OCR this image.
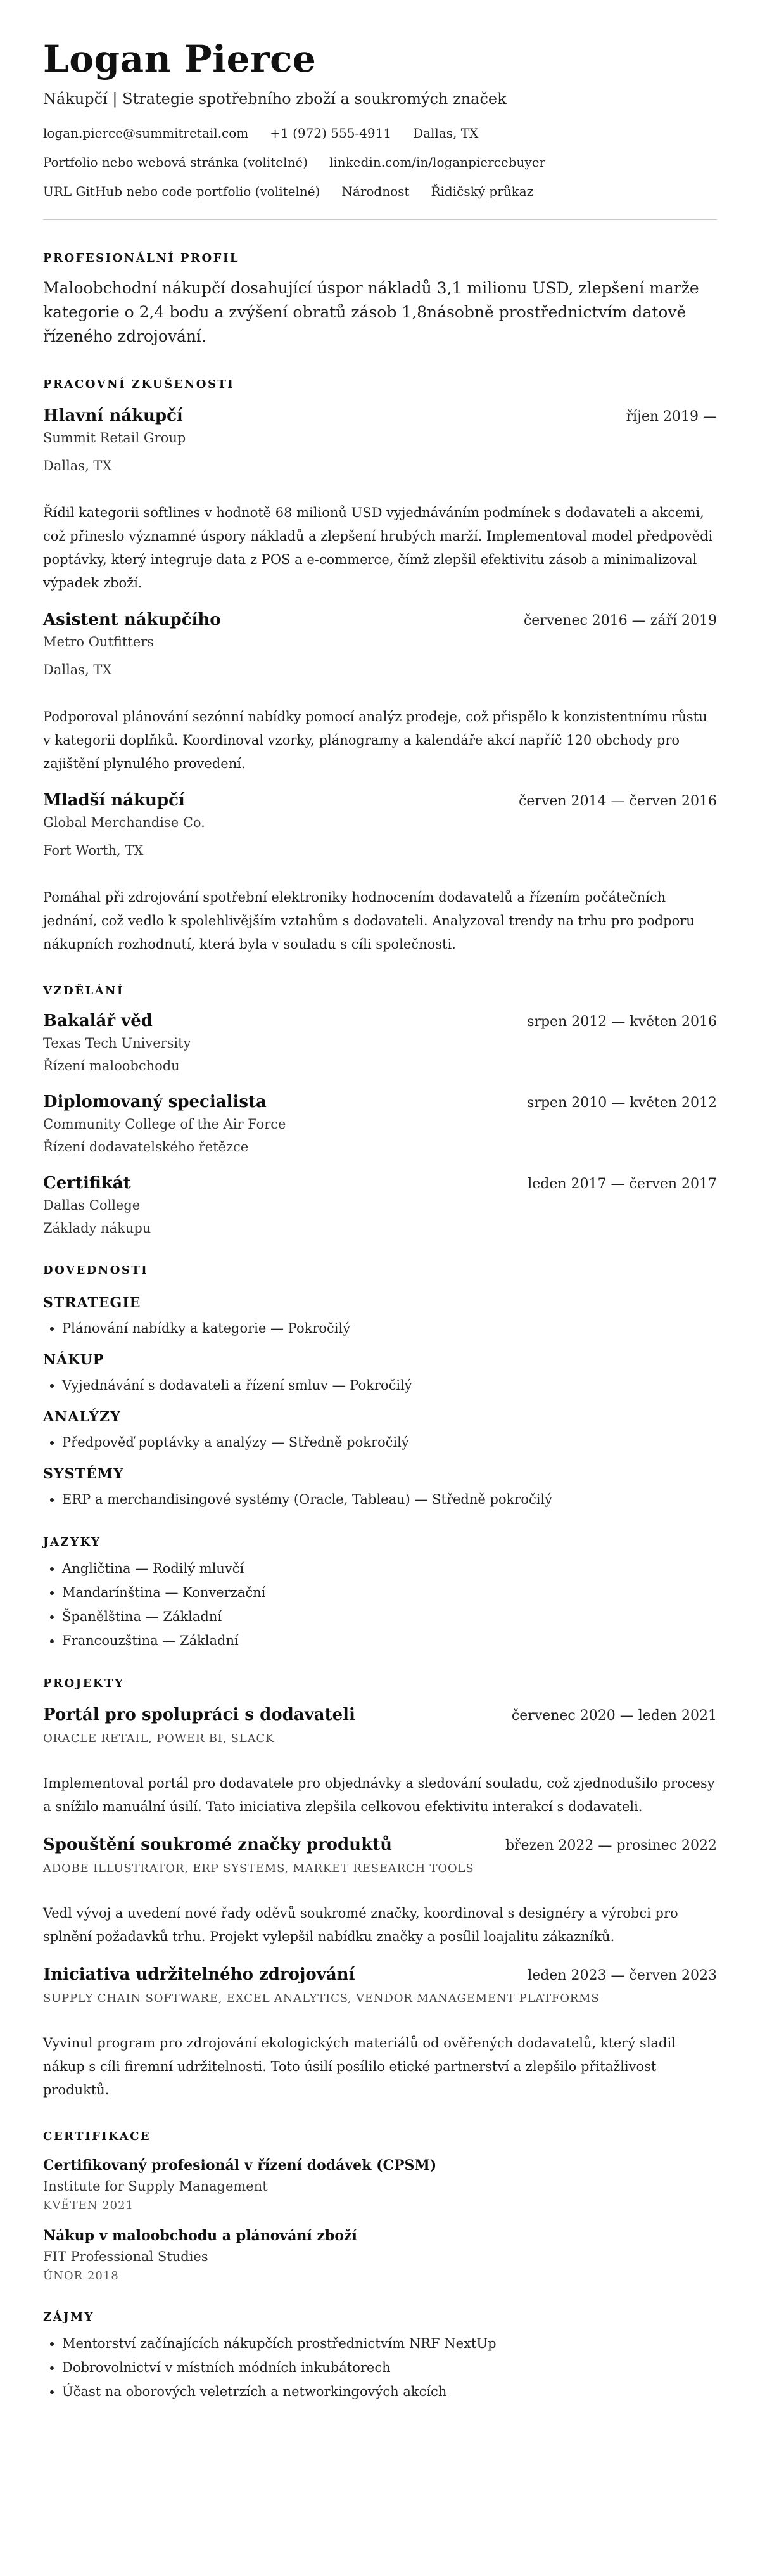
Logan Pierce
Nákupčí | Strategie spotřebního zboží a soukromých značek
logan.pierce@summitretail.com +1 (972) 555-4911 Dallas, TX
Portfolio nebo webová stránka (volitelné) linkedin.com/in/loganpiercebuyer
URL GitHub nebo code portfolio (volitelné) Národnost Řidičský průkaz
PROFESIONÁLNÍ PROFIL
Maloobchodní nákupčí dosahující úspor nákladů 3,1 milionu USD, zlepšení marže kategorie o 2,4 bodu a zvýšení obratů zásob 1,8násobně prostřednictvím datově řízeného zdrojování.
PRACOVNÍ ZKUŠENOSTI
Hlavní nákupčí	říjen 2019 —
Summit Retail Group
Dallas, TX
Řídil kategorii softlines v hodnotě 68 milionů USD vyjednáváním podmínek s dodavateli a akcemi, což přineslo významné úspory nákladů a zlepšení hrubých marží. Implementoval model předpovědi poptávky, který integruje data z POS a e-commerce, čímž zlepšil efektivitu zásob a minimalizoval výpadek zboží.
Asistent nákupčího	červenec 2016 — září 2019
Metro Outfitters
Dallas, TX
Podporoval plánování sezónní nabídky pomocí analýz prodeje, což přispělo k konzistentnímu růstu v kategorii doplňků. Koordinoval vzorky, plánogramy a kalendáře akcí napříč 120 obchody pro zajištění plynulého provedení.
Mladší nákupčí	červen 2014 — červen 2016
Global Merchandise Co.
Fort Worth, TX
Pomáhal při zdrojování spotřební elektroniky hodnocením dodavatelů a řízením počátečních jednání, což vedlo k spolehlivějším vztahům s dodavateli. Analyzoval trendy na trhu pro podporu nákupních rozhodnutí, která byla v souladu s cíli společnosti.
VZDĚLÁNÍ
Bakalář věd	srpen 2012 — květen 2016
Texas Tech University
Řízení maloobchodu
Diplomovaný specialista	srpen 2010 — květen 2012
Community College of the Air Force
Řízení dodavatelského řetězce
Certifikát	leden 2017 — červen 2017
Dallas College
Základy nákupu
DOVEDNOSTI
STRATEGIE
• Plánování nabídky a kategorie — Pokročilý
NÁKUP
• Vyjednávání s dodavateli a řízení smluv — Pokročilý
ANALÝZY
• Předpověď poptávky a analýzy — Středně pokročilý
SYSTÉMY
• ERP a merchandisingové systémy (Oracle, Tableau) — Středně pokročilý
JAZYKY
• Angličtina — Rodilý mluvčí
• Mandarínština — Konverzační
• Španělština — Základní
• Francouzština — Základní
PROJEKTY
Portál pro spolupráci s dodavateli	červenec 2020 — leden 2021
ORACLE RETAIL, POWER BI, SLACK
Implementoval portál pro dodavatele pro objednávky a sledování souladu, což zjednodušilo procesy a snížilo manuální úsilí. Tato iniciativa zlepšila celkovou efektivitu interakcí s dodavateli.
Spouštění soukromé značky produktů	březen 2022 — prosinec 2022
ADOBE ILLUSTRATOR, ERP SYSTEMS, MARKET RESEARCH TOOLS
Vedl vývoj a uvedení nové řady oděvů soukromé značky, koordinoval s designéry a výrobci pro splnění požadavků trhu. Projekt vylepšil nabídku značky a posílil loajalitu zákazníků.
Iniciativa udržitelného zdrojování	leden 2023 — červen 2023
SUPPLY CHAIN SOFTWARE, EXCEL ANALYTICS, VENDOR MANAGEMENT PLATFORMS
Vyvinul program pro zdrojování ekologických materiálů od ověřených dodavatelů, který sladil nákup s cíli firemní udržitelnosti. Toto úsilí posílilo etické partnerství a zlepšilo přitažlivost produktů.
CERTIFIKACE
Certifikovaný profesionál v řízení dodávek (CPSM)
Institute for Supply Management
KVĚTEN 2021
Nákup v maloobchodu a plánování zboží
FIT Professional Studies
ÚNOR 2018
ZÁJMY
• Mentorství začínajících nákupčích prostřednictvím NRF NextUp
• Dobrovolnictví v místních módních inkubátorech
• Účast na oborových veletrzích a networkingových akcích
